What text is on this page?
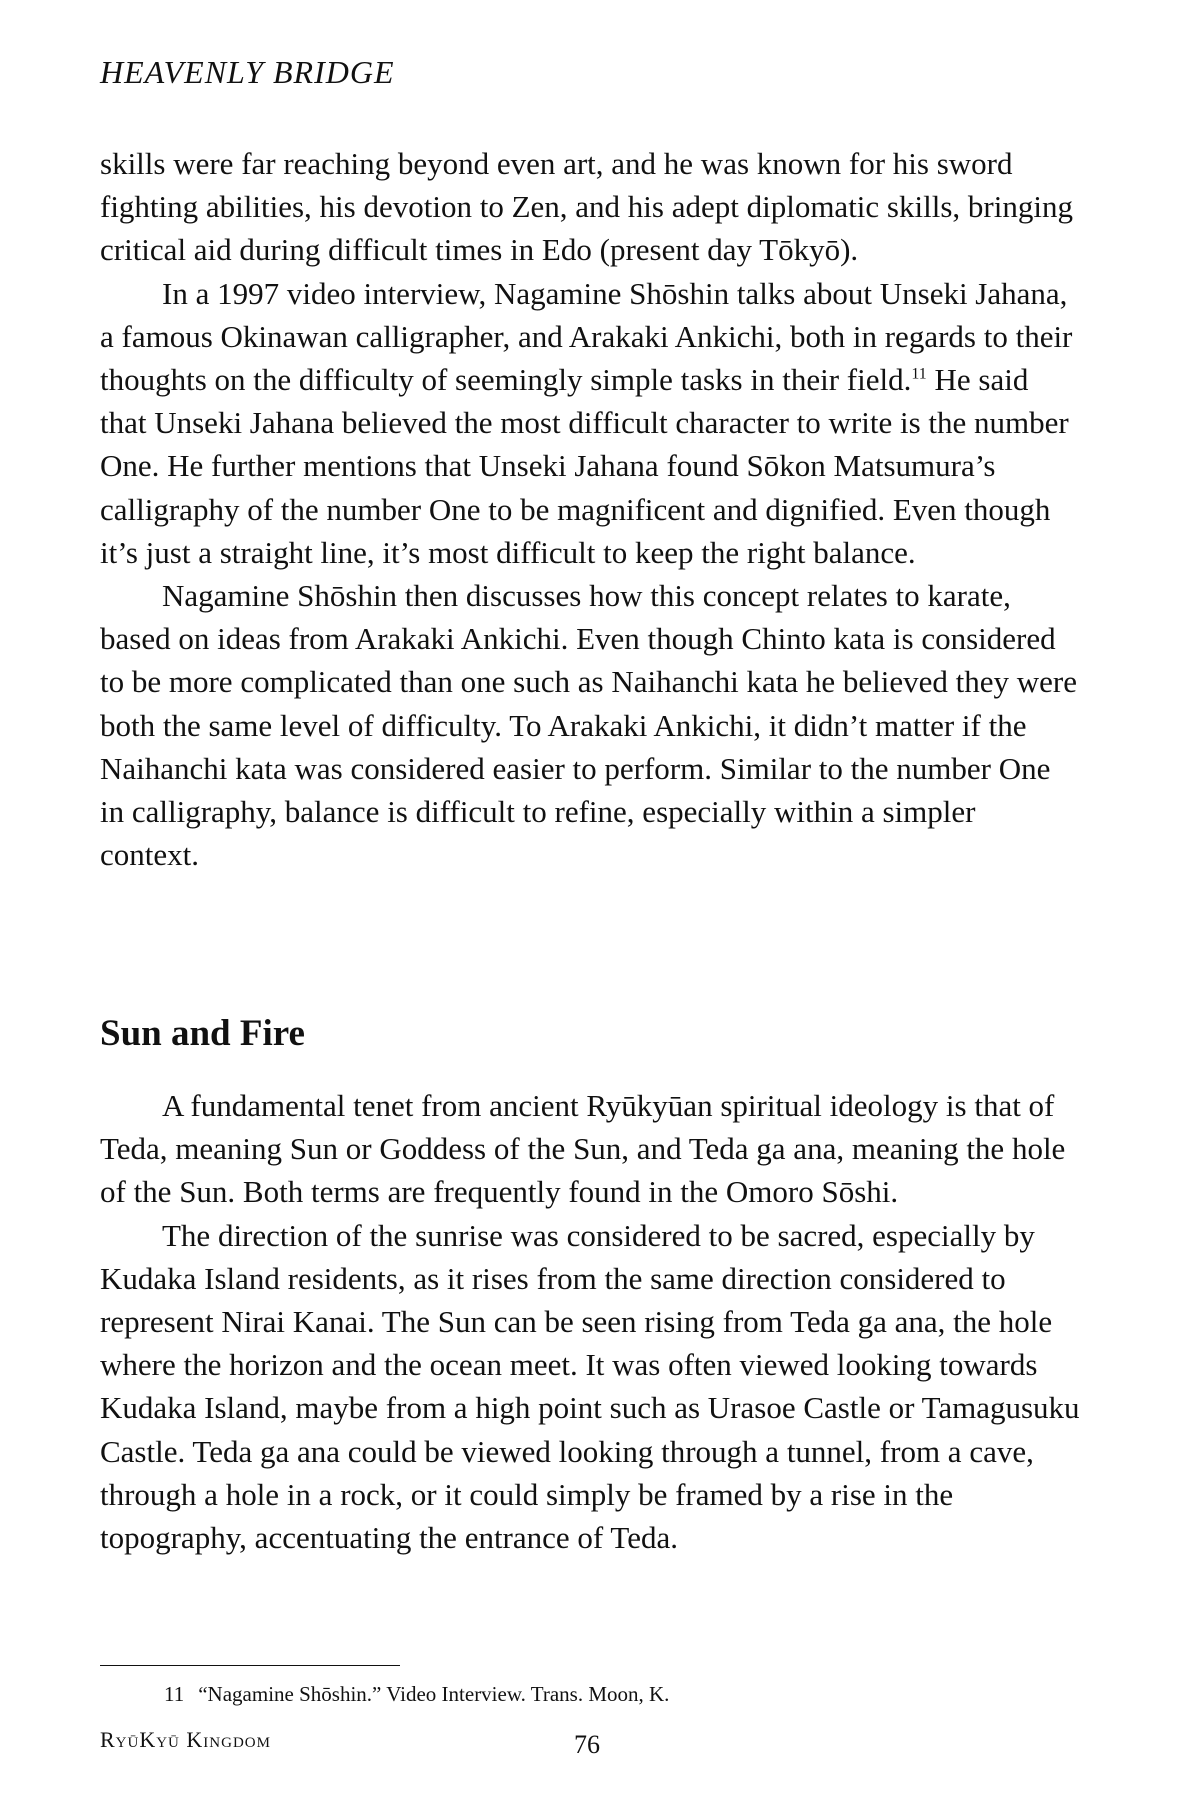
HEAVENLY BRIDGE

skills were far reaching beyond even art, and he was known for his sword fighting abilities, his devotion to Zen, and his adept diplomatic skills, bringing critical aid during difficult times in Edo (present day Tōkyō).

In a 1997 video interview, Nagamine Shōshin talks about Unseki Jahana, a famous Okinawan calligrapher, and Arakaki Ankichi, both in regards to their thoughts on the difficulty of seemingly simple tasks in their field.$^{11}$ He said that Unseki Jahana believed the most difficult character to write is the number One. He further mentions that Unseki Jahana found Sōkon Matsumura’s calligraphy of the number One to be magnificent and dignified. Even though it’s just a straight line, it’s most difficult to keep the right balance.

Nagamine Shōshin then discusses how this concept relates to karate, based on ideas from Arakaki Ankichi. Even though Chinto kata is considered to be more complicated than one such as Naihanchi kata he believed they were both the same level of difficulty. To Arakaki Ankichi, it didn’t matter if the Naihanchi kata was considered easier to perform. Similar to the number One in calligraphy, balance is difficult to refine, especially within a simpler context.

Sun and Fire

A fundamental tenet from ancient Ryūkyūan spiritual ideology is that of Teda, meaning Sun or Goddess of the Sun, and Teda ga ana, meaning the hole of the Sun. Both terms are frequently found in the Omoro Sōshi.

The direction of the sunrise was considered to be sacred, especially by Kudaka Island residents, as it rises from the same direction considered to represent Nirai Kanai. The Sun can be seen rising from Teda ga ana, the hole where the horizon and the ocean meet. It was often viewed looking towards Kudaka Island, maybe from a high point such as Urasoe Castle or Tamagusuku Castle. Teda ga ana could be viewed looking through a tunnel, from a cave, through a hole in a rock, or it could simply be framed by a rise in the topography, accentuating the entrance of Teda.

11 “Nagamine Shōshin.” Video Interview. Trans. Moon, K.
RyūKyū Kingdom	76
